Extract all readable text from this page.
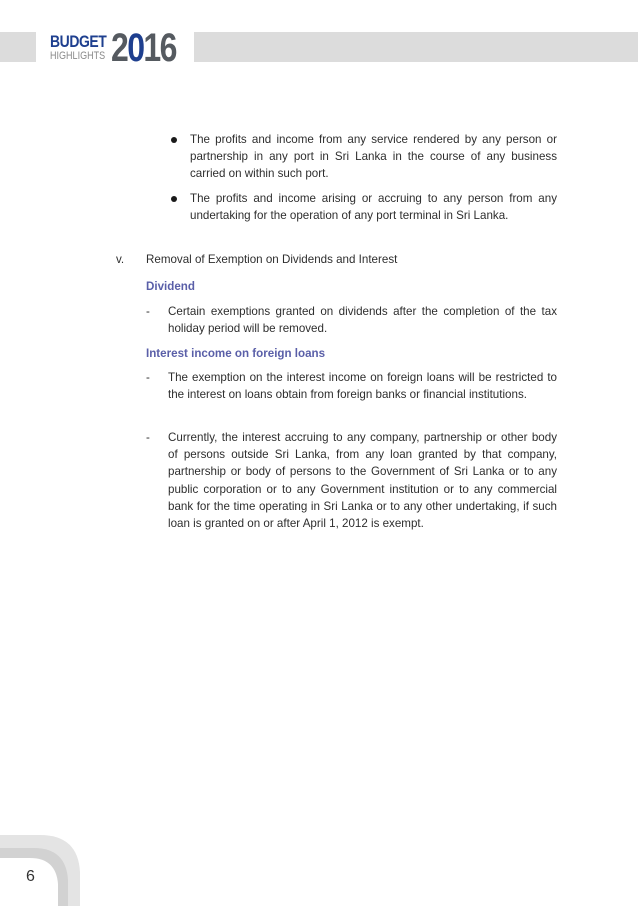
BUDGET
HIGHLIGHTS 2016
The profits and income from any service rendered by any person or partnership in any port in Sri Lanka in the course of any business carried on within such port.
The profits and income arising or accruing to any person from any undertaking for the operation of any port terminal in Sri Lanka.
v. Removal of Exemption on Dividends and Interest
Dividend
- Certain exemptions granted on dividends after the completion of the tax holiday period will be removed.
Interest income on foreign loans
- The exemption on the interest income on foreign loans will be restricted to the interest on loans obtain from foreign banks or financial institutions.
- Currently, the interest accruing to any company, partnership or other body of persons outside Sri Lanka, from any loan granted by that company, partnership or body of persons to the Government of Sri Lanka or to any public corporation or to any Government institution or to any commercial bank for the time operating in Sri Lanka or to any other undertaking, if such loan is granted on or after April 1, 2012 is exempt.
6
